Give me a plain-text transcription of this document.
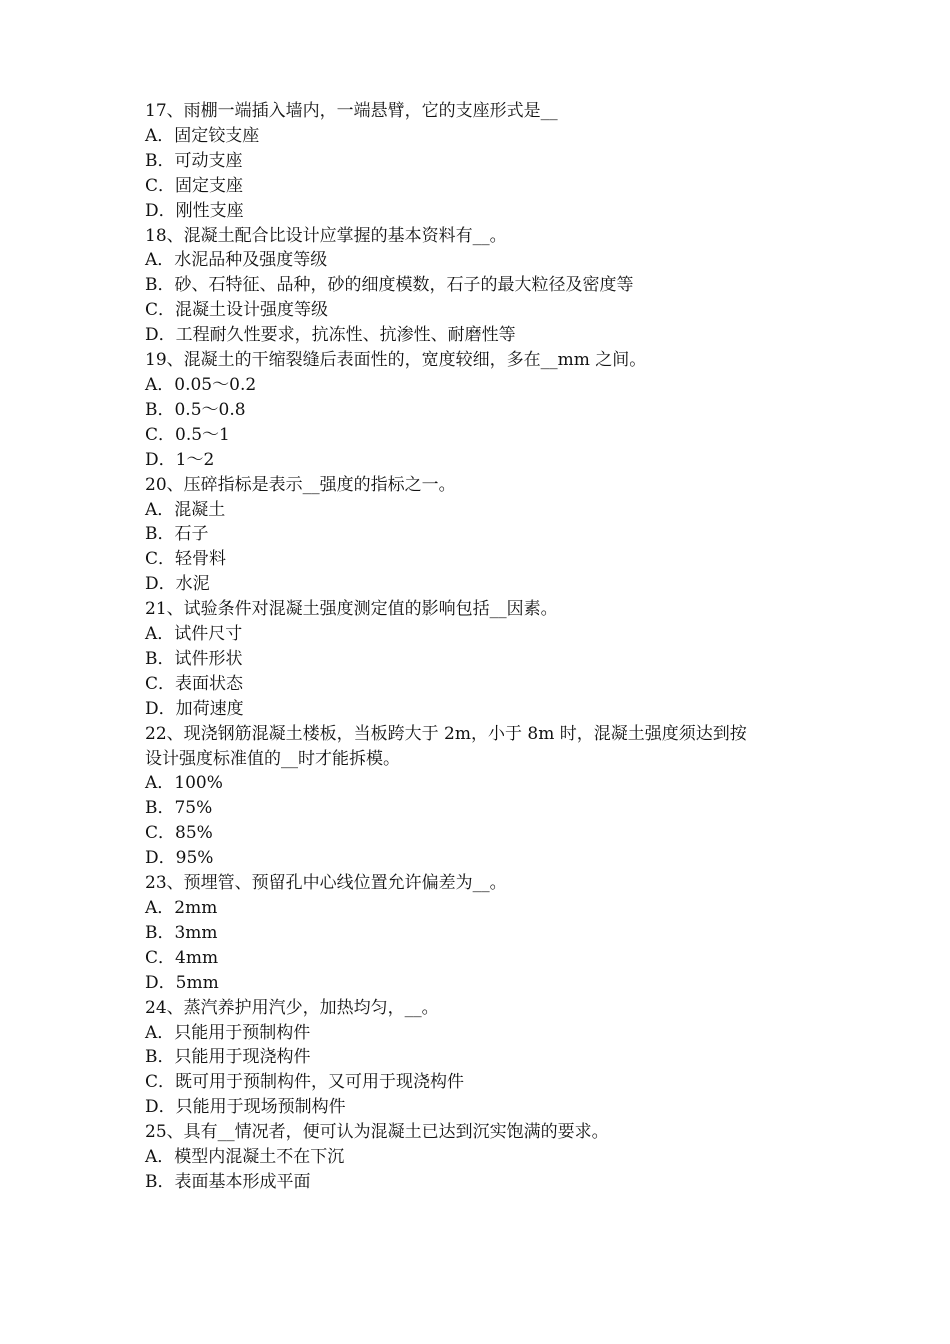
17、雨棚一端插入墙内，一端悬臂，它的支座形式是__

A．固定铰支座

B．可动支座

C．固定支座

D．刚性支座

18、混凝土配合比设计应掌握的基本资料有__。

A．水泥品种及强度等级

B．砂、石特征、品种，砂的细度模数，石子的最大粒径及密度等

C．混凝土设计强度等级

D．工程耐久性要求，抗冻性、抗渗性、耐磨性等

19、混凝土的干缩裂缝后表面性的，宽度较细，多在__mm 之间。

A．0.05～0.2

B．0.5～0.8

C．0.5～1

D．1～2

20、压碎指标是表示__强度的指标之一。

A．混凝土

B．石子

C．轻骨料

D．水泥

21、试验条件对混凝土强度测定值的影响包括__因素。

A．试件尺寸

B．试件形状

C．表面状态

D．加荷速度

22、现浇钢筋混凝土楼板，当板跨大于 2m，小于 8m 时，混凝土强度须达到按

设计强度标准值的__时才能拆模。

A．100%

B．75%

C．85%

D．95%

23、预埋管、预留孔中心线位置允许偏差为__。

A．2mm

B．3mm

C．4mm

D．5mm

24、蒸汽养护用汽少，加热均匀，__。

A．只能用于预制构件

B．只能用于现浇构件

C．既可用于预制构件，又可用于现浇构件

D．只能用于现场预制构件

25、具有__情况者，便可认为混凝土已达到沉实饱满的要求。

A．模型内混凝土不在下沉

B．表面基本形成平面
